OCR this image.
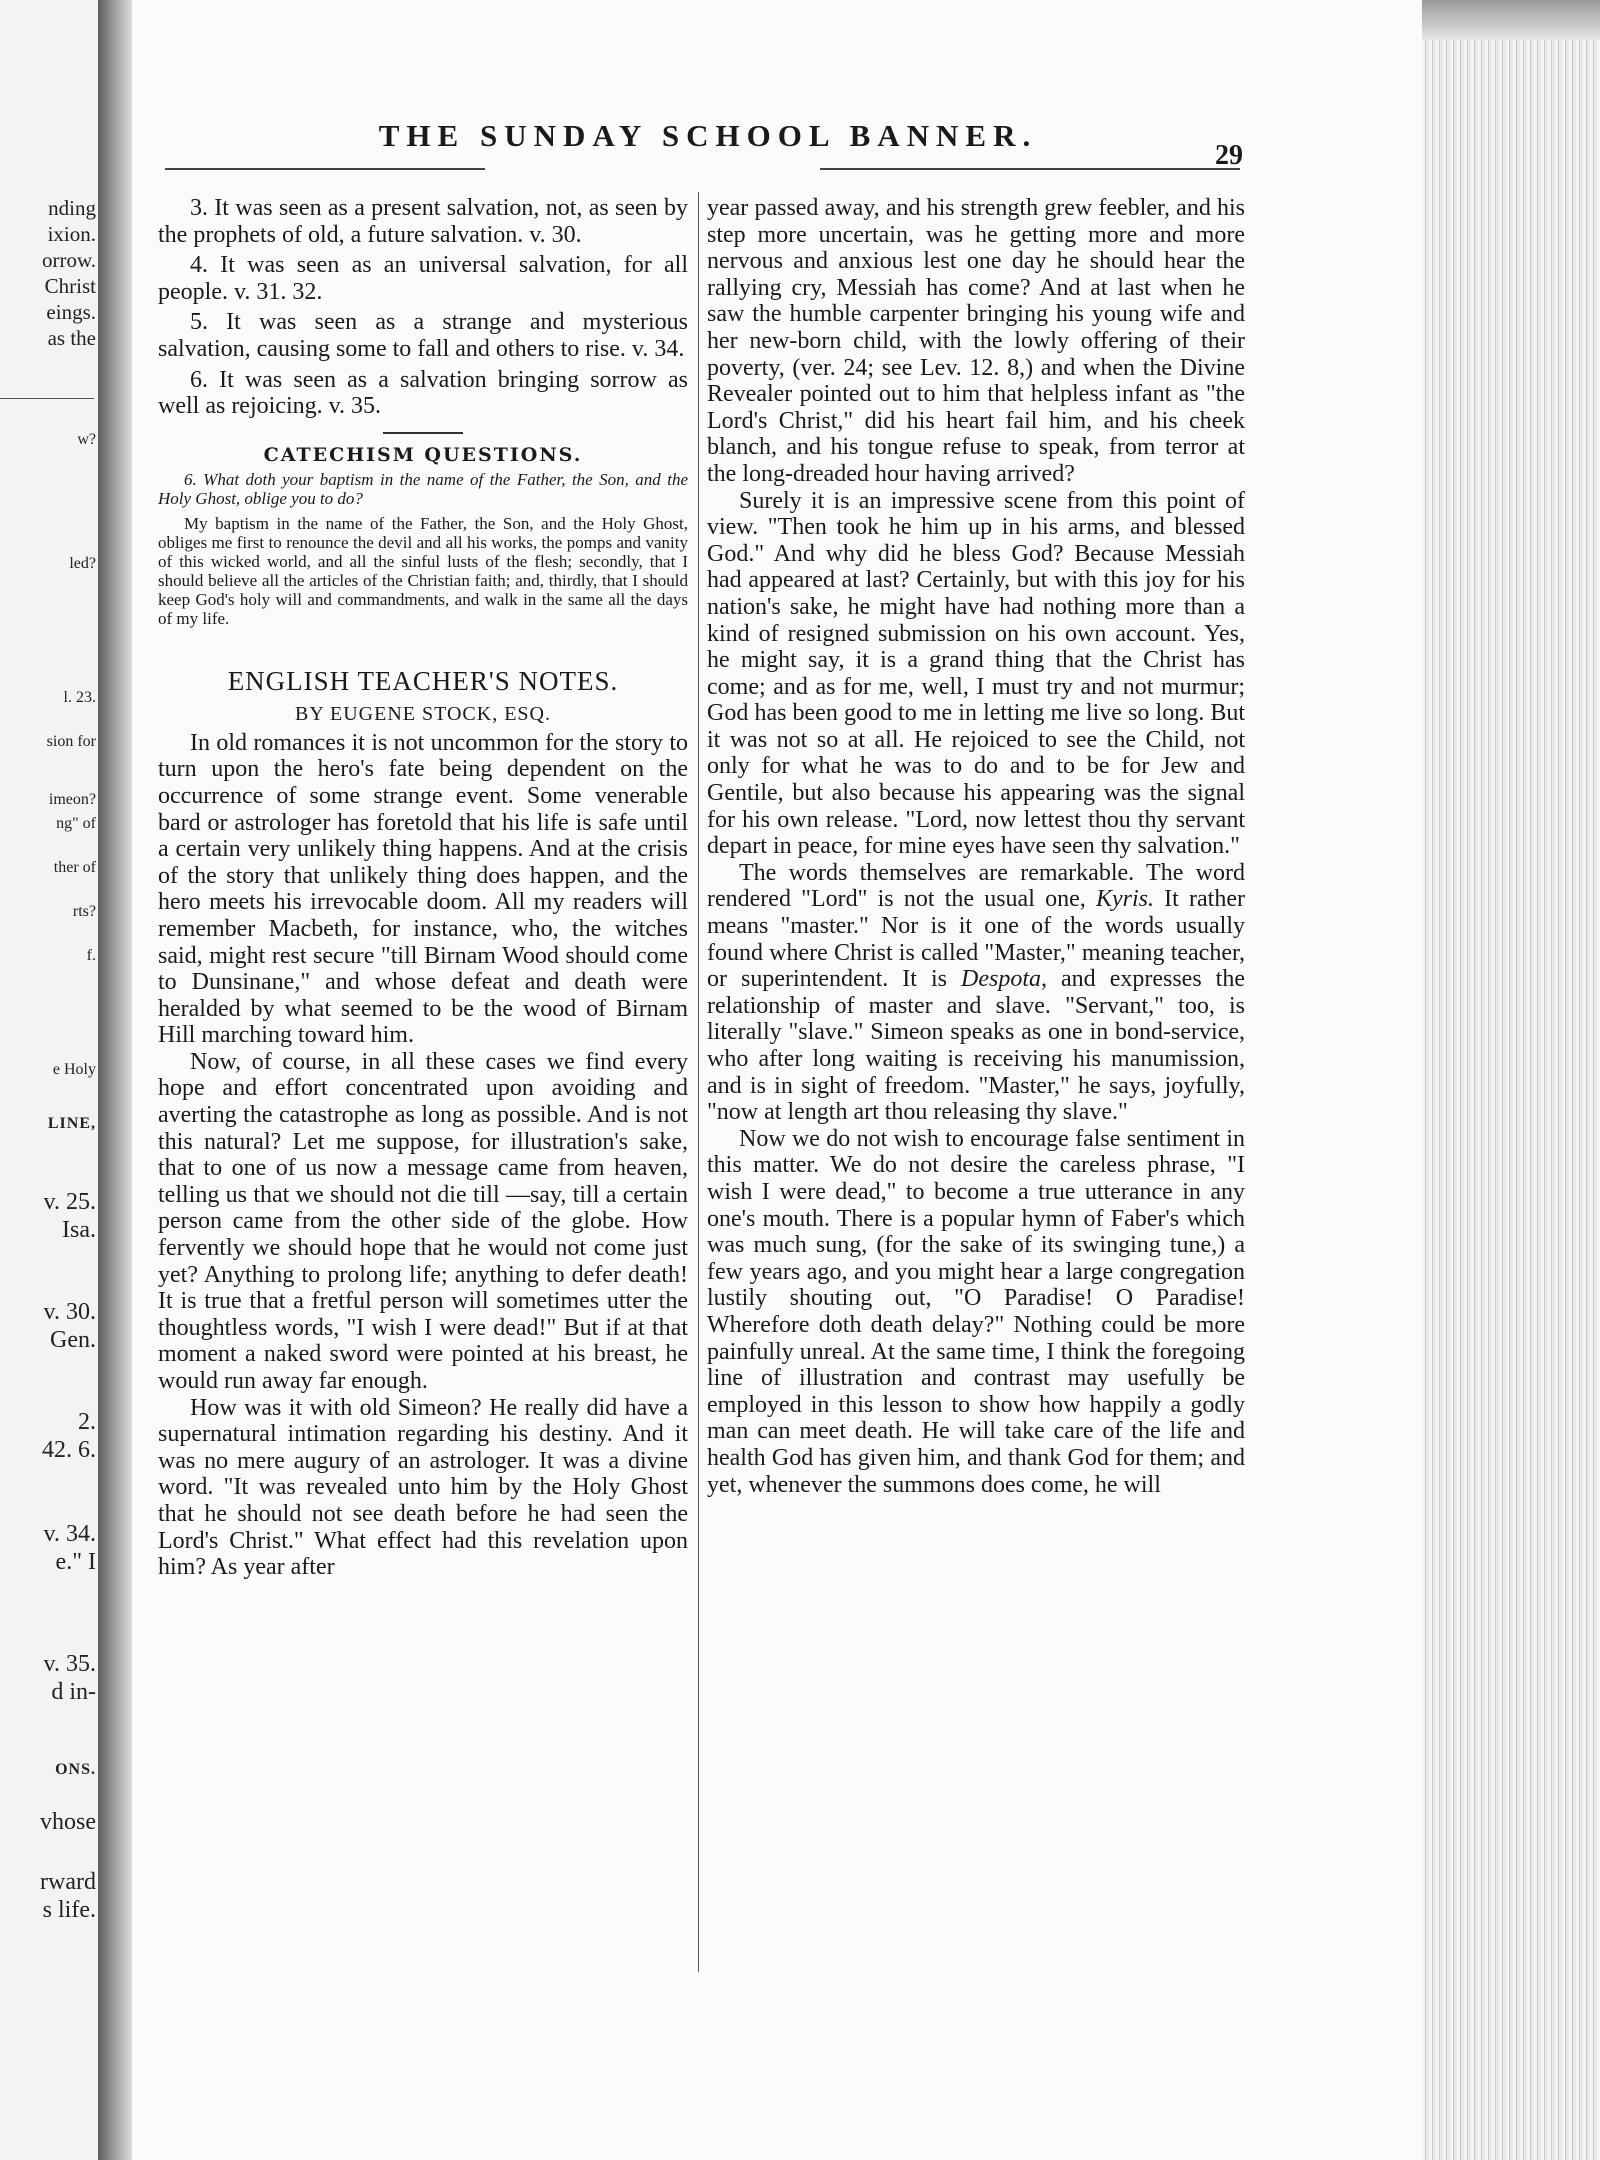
nding
ixion.
orrow.
Christ
eings.
as the
w?
led?
l. 23.
sion for
imeon?
ng" of
ther of
rts?
f.
e Holy
LINE,
v. 25.
Isa.
v. 30.
Gen.
2.
42. 6.
v. 34.
e." I
v. 35.
d in-
ONS.
vhose
rward
s life.
THE SUNDAY SCHOOL BANNER.
29

3. It was seen as a present salvation, not, as seen by the prophets of old, a future salvation. v. 30.

4. It was seen as an universal salvation, for all people. v. 31. 32.

5. It was seen as a strange and mysterious salvation, causing some to fall and others to rise. v. 34.

6. It was seen as a salvation bringing sorrow as well as rejoicing. v. 35.

CATECHISM QUESTIONS.

6. What doth your baptism in the name of the Father, the Son, and the Holy Ghost, oblige you to do?

My baptism in the name of the Father, the Son, and the Holy Ghost, obliges me first to renounce the devil and all his works, the pomps and vanity of this wicked world, and all the sinful lusts of the flesh; secondly, that I should believe all the articles of the Christian faith; and, thirdly, that I should keep God's holy will and commandments, and walk in the same all the days of my life.

ENGLISH TEACHER'S NOTES.
BY EUGENE STOCK, ESQ.

In old romances it is not uncommon for the story to turn upon the hero's fate being dependent on the occurrence of some strange event. Some venerable bard or astrologer has foretold that his life is safe until a certain very unlikely thing happens. And at the crisis of the story that unlikely thing does happen, and the hero meets his irrevocable doom. All my readers will remember Macbeth, for instance, who, the witches said, might rest secure "till Birnam Wood should come to Dunsinane," and whose defeat and death were heralded by what seemed to be the wood of Birnam Hill marching toward him.

Now, of course, in all these cases we find every hope and effort concentrated upon avoiding and averting the catastrophe as long as possible. And is not this natural? Let me suppose, for illustration's sake, that to one of us now a message came from heaven, telling us that we should not die till —say, till a certain person came from the other side of the globe. How fervently we should hope that he would not come just yet? Anything to prolong life; anything to defer death! It is true that a fretful person will sometimes utter the thoughtless words, "I wish I were dead!" But if at that moment a naked sword were pointed at his breast, he would run away far enough.

How was it with old Simeon? He really did have a supernatural intimation regarding his destiny. And it was no mere augury of an astrologer. It was a divine word. "It was revealed unto him by the Holy Ghost that he should not see death before he had seen the Lord's Christ." What effect had this revelation upon him? As year after

year passed away, and his strength grew feebler, and his step more uncertain, was he getting more and more nervous and anxious lest one day he should hear the rallying cry, Messiah has come? And at last when he saw the humble carpenter bringing his young wife and her new-born child, with the lowly offering of their poverty, (ver. 24; see Lev. 12. 8,) and when the Divine Revealer pointed out to him that helpless infant as "the Lord's Christ," did his heart fail him, and his cheek blanch, and his tongue refuse to speak, from terror at the long-dreaded hour having arrived?

Surely it is an impressive scene from this point of view. "Then took he him up in his arms, and blessed God." And why did he bless God? Because Messiah had appeared at last? Certainly, but with this joy for his nation's sake, he might have had nothing more than a kind of resigned submission on his own account. Yes, he might say, it is a grand thing that the Christ has come; and as for me, well, I must try and not murmur; God has been good to me in letting me live so long. But it was not so at all. He rejoiced to see the Child, not only for what he was to do and to be for Jew and Gentile, but also because his appearing was the signal for his own release. "Lord, now lettest thou thy servant depart in peace, for mine eyes have seen thy salvation."

The words themselves are remarkable. The word rendered "Lord" is not the usual one, Kyris. It rather means "master." Nor is it one of the words usually found where Christ is called "Master," meaning teacher, or superintendent. It is Despota, and expresses the relationship of master and slave. "Servant," too, is literally "slave." Simeon speaks as one in bond-service, who after long waiting is receiving his manumission, and is in sight of freedom. "Master," he says, joyfully, "now at length art thou releasing thy slave."

Now we do not wish to encourage false sentiment in this matter. We do not desire the careless phrase, "I wish I were dead," to become a true utterance in any one's mouth. There is a popular hymn of Faber's which was much sung, (for the sake of its swinging tune,) a few years ago, and you might hear a large congregation lustily shouting out, "O Paradise! O Paradise! Wherefore doth death delay?" Nothing could be more painfully unreal. At the same time, I think the foregoing line of illustration and contrast may usefully be employed in this lesson to show how happily a godly man can meet death. He will take care of the life and health God has given him, and thank God for them; and yet, whenever the summons does come, he will
